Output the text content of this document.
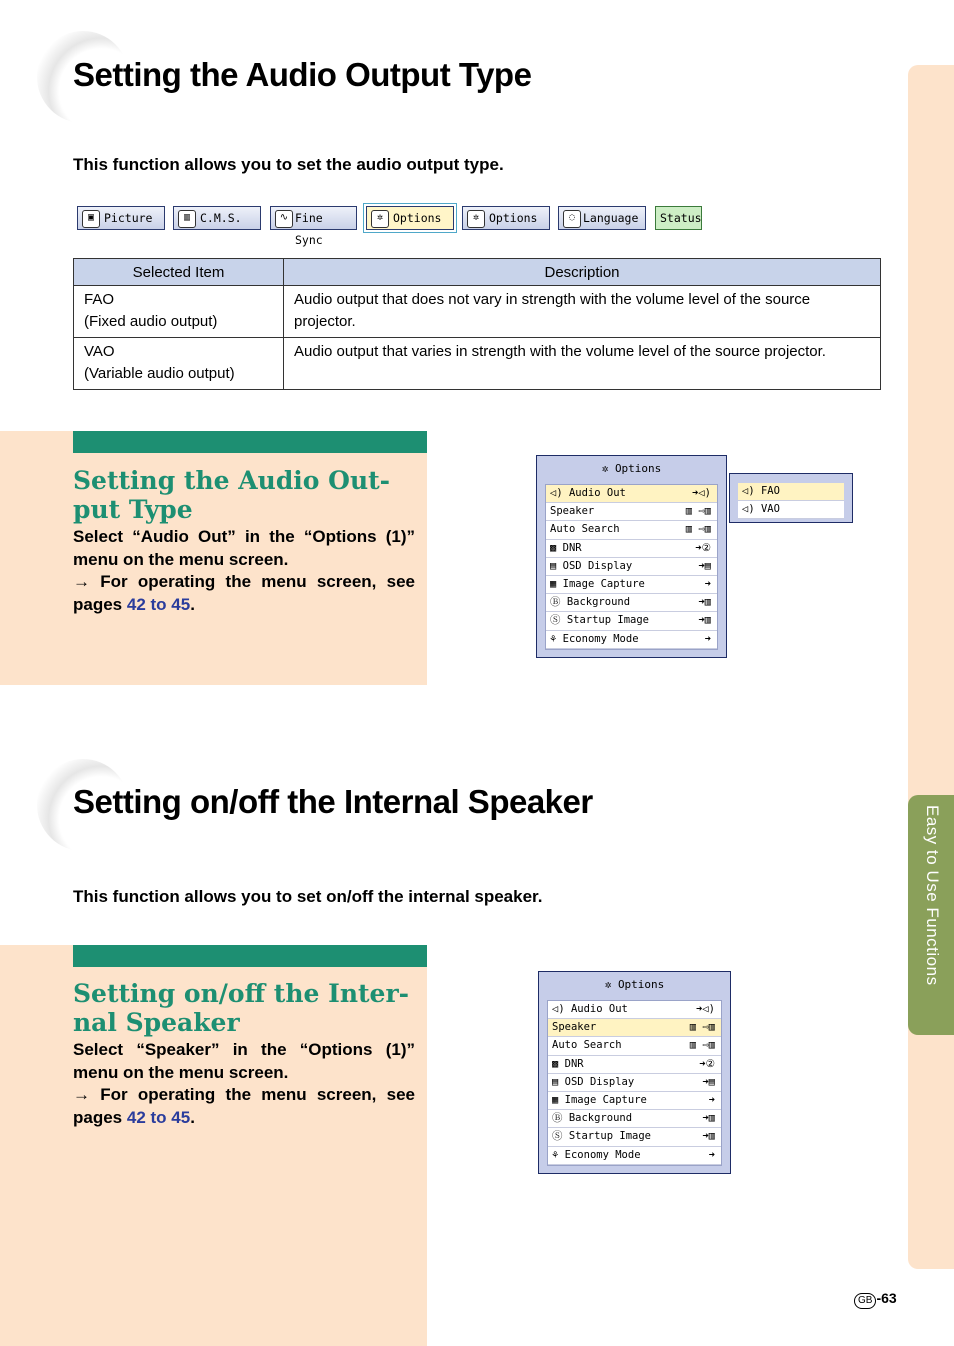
Easy to Use Functions
Setting the Audio Output Type
This function allows you to set the audio output type.
▣ Picture	▥ C.M.S.	∿ Fine Sync
✲ Options	✲ Options	◌ Language	Status
Selected Item	Description

FAO
(Fixed audio output)	Audio output that does not vary in strength with the volume level of the source projector.

VAO
(Variable audio output)	Audio output that varies in strength with the volume level of the source projector.
Setting the Audio Out-put Type
Select “Audio Out” in the “Options (1)” menu on the menu screen.
→ For operating the menu screen, see pages 42 to 45.
✲ Options
◁) Audio Out	➜◁)
Speaker	▥ ⇨▥
Auto Search	▥ ⇨▥
▩ DNR	➜②
▤ OSD Display	➜▤
▦ Image Capture	➜
Ⓑ Background	➜▥
Ⓢ Startup Image	➜▥
⚘ Economy Mode	➜
◁) FAO
◁) VAO
Setting on/off the Internal Speaker
This function allows you to set on/off the internal speaker.
Setting on/off the Inter-nal Speaker
Select “Speaker” in the “Options (1)” menu on the menu screen.
→ For operating the menu screen, see pages 42 to 45.
✲ Options
◁) Audio Out	➜◁)
Speaker	▥ ⇨▥
Auto Search	▥ ⇨▥
▩ DNR	➜②
▤ OSD Display	➜▤
▦ Image Capture	➜
Ⓑ Background	➜▥
Ⓢ Startup Image	➜▥
⚘ Economy Mode	➜
GB -63
